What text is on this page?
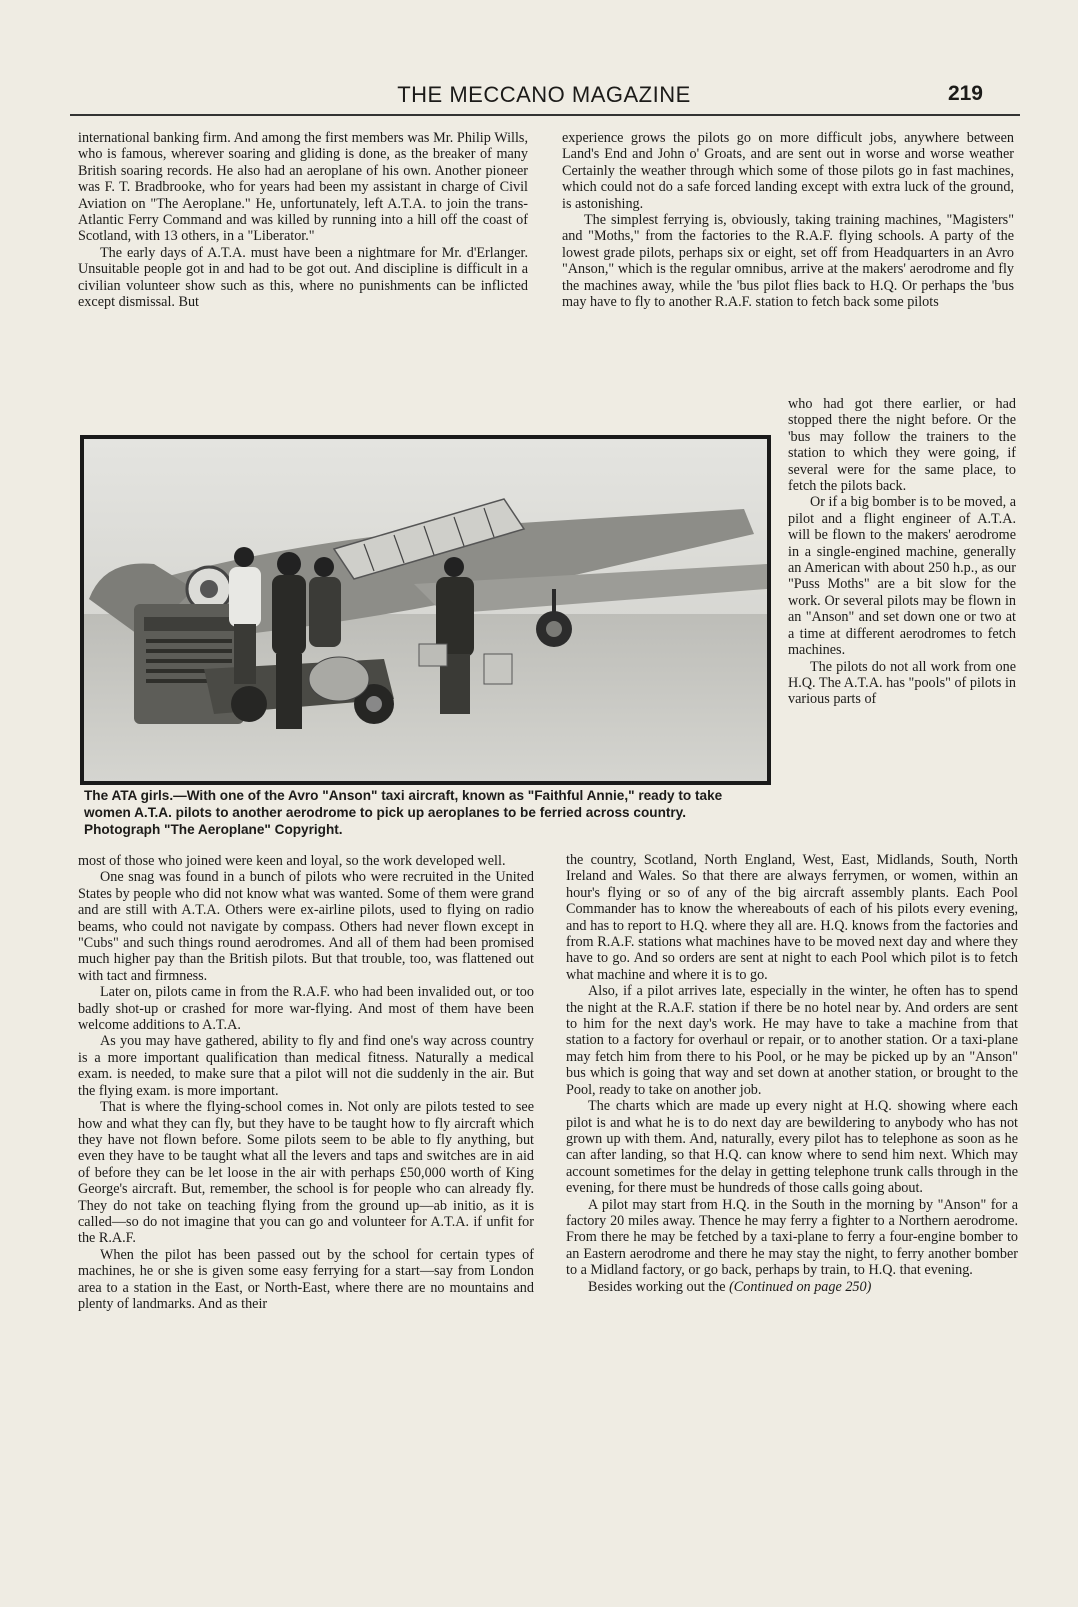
THE MECCANO MAGAZINE	219

international banking firm. And among the first members was Mr. Philip Wills, who is famous, wherever soaring and gliding is done, as the breaker of many British soaring records. He also had an aeroplane of his own. Another pioneer was F. T. Bradbrooke, who for years had been my assistant in charge of Civil Aviation on "The Aeroplane." He, unfortunately, left A.T.A. to join the trans-Atlantic Ferry Command and was killed by running into a hill off the coast of Scotland, with 13 others, in a "Liberator."

The early days of A.T.A. must have been a nightmare for Mr. d'Erlanger. Unsuitable people got in and had to be got out. And discipline is difficult in a civilian volunteer show such as this, where no punishments can be inflicted except dismissal. But

experience grows the pilots go on more difficult jobs, anywhere between Land's End and John o' Groats, and are sent out in worse and worse weather Certainly the weather through which some of those pilots go in fast machines, which could not do a safe forced landing except with extra luck of the ground, is astonishing.

The simplest ferrying is, obviously, taking training machines, "Magisters" and "Moths," from the factories to the R.A.F. flying schools. A party of the lowest grade pilots, perhaps six or eight, set off from Headquarters in an Avro "Anson," which is the regular omnibus, arrive at the makers' aerodrome and fly the machines away, while the 'bus pilot flies back to H.Q. Or perhaps the 'bus may have to fly to another R.A.F. station to fetch back some pilots

The ATA girls.—With one of the Avro "Anson" taxi aircraft, known as "Faithful Annie," ready to take women A.T.A. pilots to another aerodrome to pick up aeroplanes to be ferried across country. Photograph "The Aeroplane" Copyright.

who had got there earlier, or had stopped there the night before. Or the 'bus may follow the trainers to the station to which they were going, if several were for the same place, to fetch the pilots back.

Or if a big bomber is to be moved, a pilot and a flight engineer of A.T.A. will be flown to the makers' aerodrome in a single-engined machine, generally an American with about 250 h.p., as our "Puss Moths" are a bit slow for the work. Or several pilots may be flown in an "Anson" and set down one or two at a time at different aerodromes to fetch machines.

The pilots do not all work from one H.Q. The A.T.A. has "pools" of pilots in various parts of

most of those who joined were keen and loyal, so the work developed well.

One snag was found in a bunch of pilots who were recruited in the United States by people who did not know what was wanted. Some of them were grand and are still with A.T.A. Others were ex-airline pilots, used to flying on radio beams, who could not navigate by compass. Others had never flown except in "Cubs" and such things round aerodromes. And all of them had been promised much higher pay than the British pilots. But that trouble, too, was flattened out with tact and firmness.

Later on, pilots came in from the R.A.F. who had been invalided out, or too badly shot-up or crashed for more war-flying. And most of them have been welcome additions to A.T.A.

As you may have gathered, ability to fly and find one's way across country is a more important qualification than medical fitness. Naturally a medical exam. is needed, to make sure that a pilot will not die suddenly in the air. But the flying exam. is more important.

That is where the flying-school comes in. Not only are pilots tested to see how and what they can fly, but they have to be taught how to fly aircraft which they have not flown before. Some pilots seem to be able to fly anything, but even they have to be taught what all the levers and taps and switches are in aid of before they can be let loose in the air with perhaps £50,000 worth of King George's aircraft. But, remember, the school is for people who can already fly. They do not take on teaching flying from the ground up—ab initio, as it is called—so do not imagine that you can go and volunteer for A.T.A. if unfit for the R.A.F.

When the pilot has been passed out by the school for certain types of machines, he or she is given some easy ferrying for a start—say from London area to a station in the East, or North-East, where there are no mountains and plenty of landmarks. And as their

the country, Scotland, North England, West, East, Midlands, South, North Ireland and Wales. So that there are always ferrymen, or women, within an hour's flying or so of any of the big aircraft assembly plants. Each Pool Commander has to know the whereabouts of each of his pilots every evening, and has to report to H.Q. where they all are. H.Q. knows from the factories and from R.A.F. stations what machines have to be moved next day and where they have to go. And so orders are sent at night to each Pool which pilot is to fetch what machine and where it is to go.

Also, if a pilot arrives late, especially in the winter, he often has to spend the night at the R.A.F. station if there be no hotel near by. And orders are sent to him for the next day's work. He may have to take a machine from that station to a factory for overhaul or repair, or to another station. Or a taxi-plane may fetch him from there to his Pool, or he may be picked up by an "Anson" bus which is going that way and set down at another station, or brought to the Pool, ready to take on another job.

The charts which are made up every night at H.Q. showing where each pilot is and what he is to do next day are bewildering to anybody who has not grown up with them. And, naturally, every pilot has to telephone as soon as he can after landing, so that H.Q. can know where to send him next. Which may account sometimes for the delay in getting telephone trunk calls through in the evening, for there must be hundreds of those calls going about.

A pilot may start from H.Q. in the South in the morning by "Anson" for a factory 20 miles away. Thence he may ferry a fighter to a Northern aerodrome. From there he may be fetched by a taxi-plane to ferry a four-engine bomber to an Eastern aerodrome and there he may stay the night, to ferry another bomber to a Midland factory, or go back, perhaps by train, to H.Q. that evening.

Besides working out the (Continued on page 250)
